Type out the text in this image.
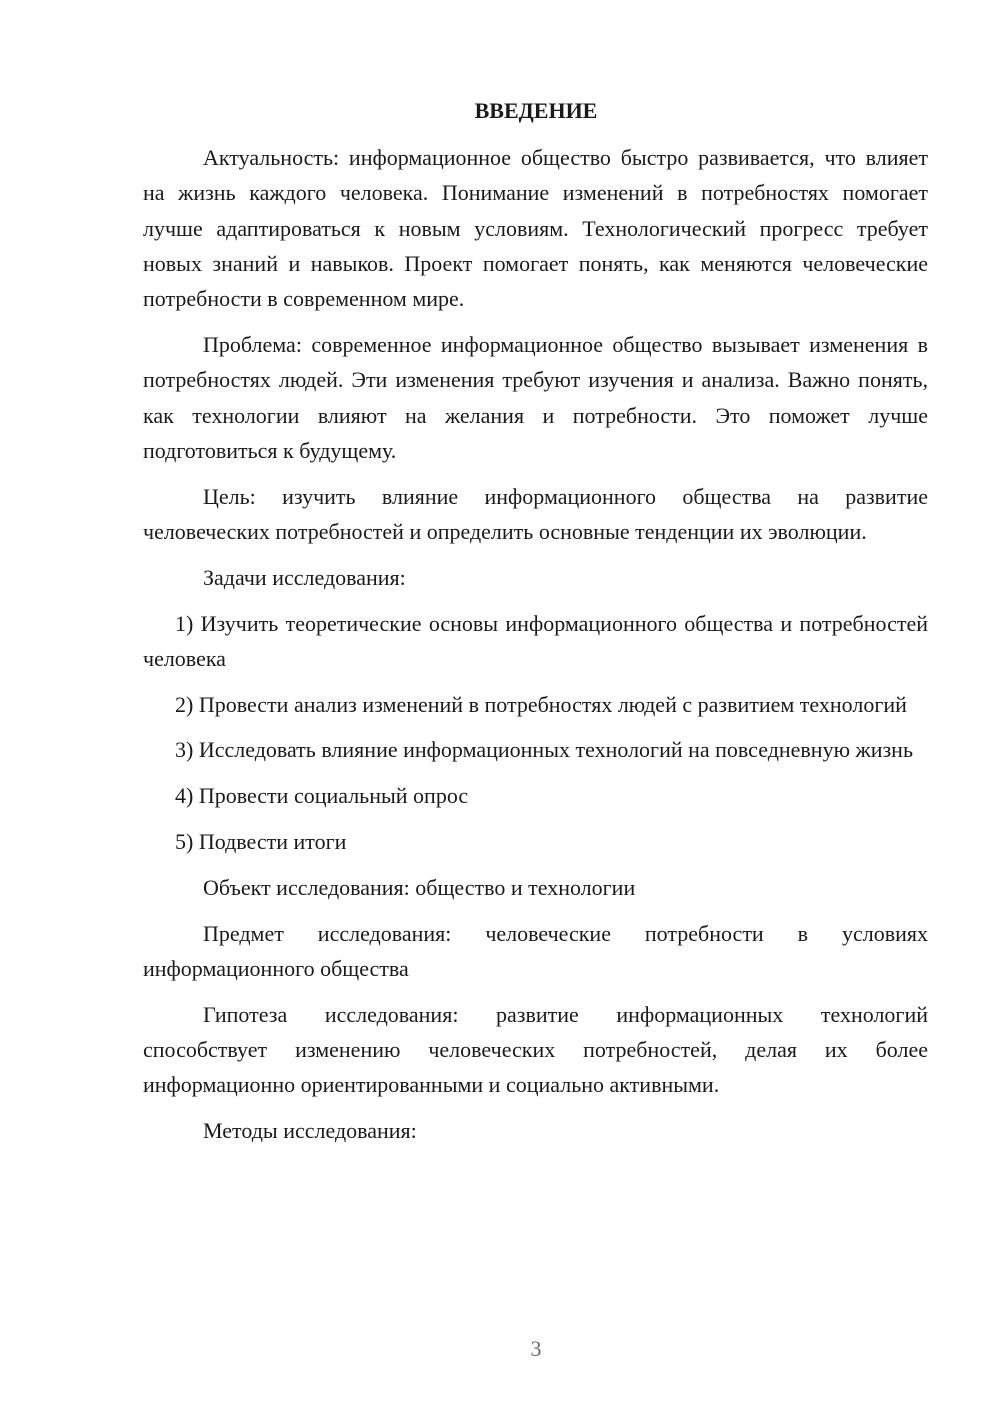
ВВЕДЕНИЕ

Актуальность: информационное общество быстро развивается, что влияет на жизнь каждого человека. Понимание изменений в потребностях помогает лучше адаптироваться к новым условиям. Технологический прогресс требует новых знаний и навыков. Проект помогает понять, как меняются человеческие потребности в современном мире.

Проблема: современное информационное общество вызывает изменения в потребностях людей. Эти изменения требуют изучения и анализа. Важно понять, как технологии влияют на желания и потребности. Это поможет лучше подготовиться к будущему.

Цель: изучить влияние информационного общества на развитие человеческих потребностей и определить основные тенденции их эволюции.

Задачи исследования:

1) Изучить теоретические основы информационного общества и потребностей человека

2) Провести анализ изменений в потребностях людей с развитием технологий

3) Исследовать влияние информационных технологий на повседневную жизнь

4) Провести социальный опрос

5) Подвести итоги

Объект исследования: общество и технологии

Предмет исследования: человеческие потребности в условиях информационного общества

Гипотеза исследования: развитие информационных технологий способствует изменению человеческих потребностей, делая их более информационно ориентированными и социально активными.

Методы исследования:

3
